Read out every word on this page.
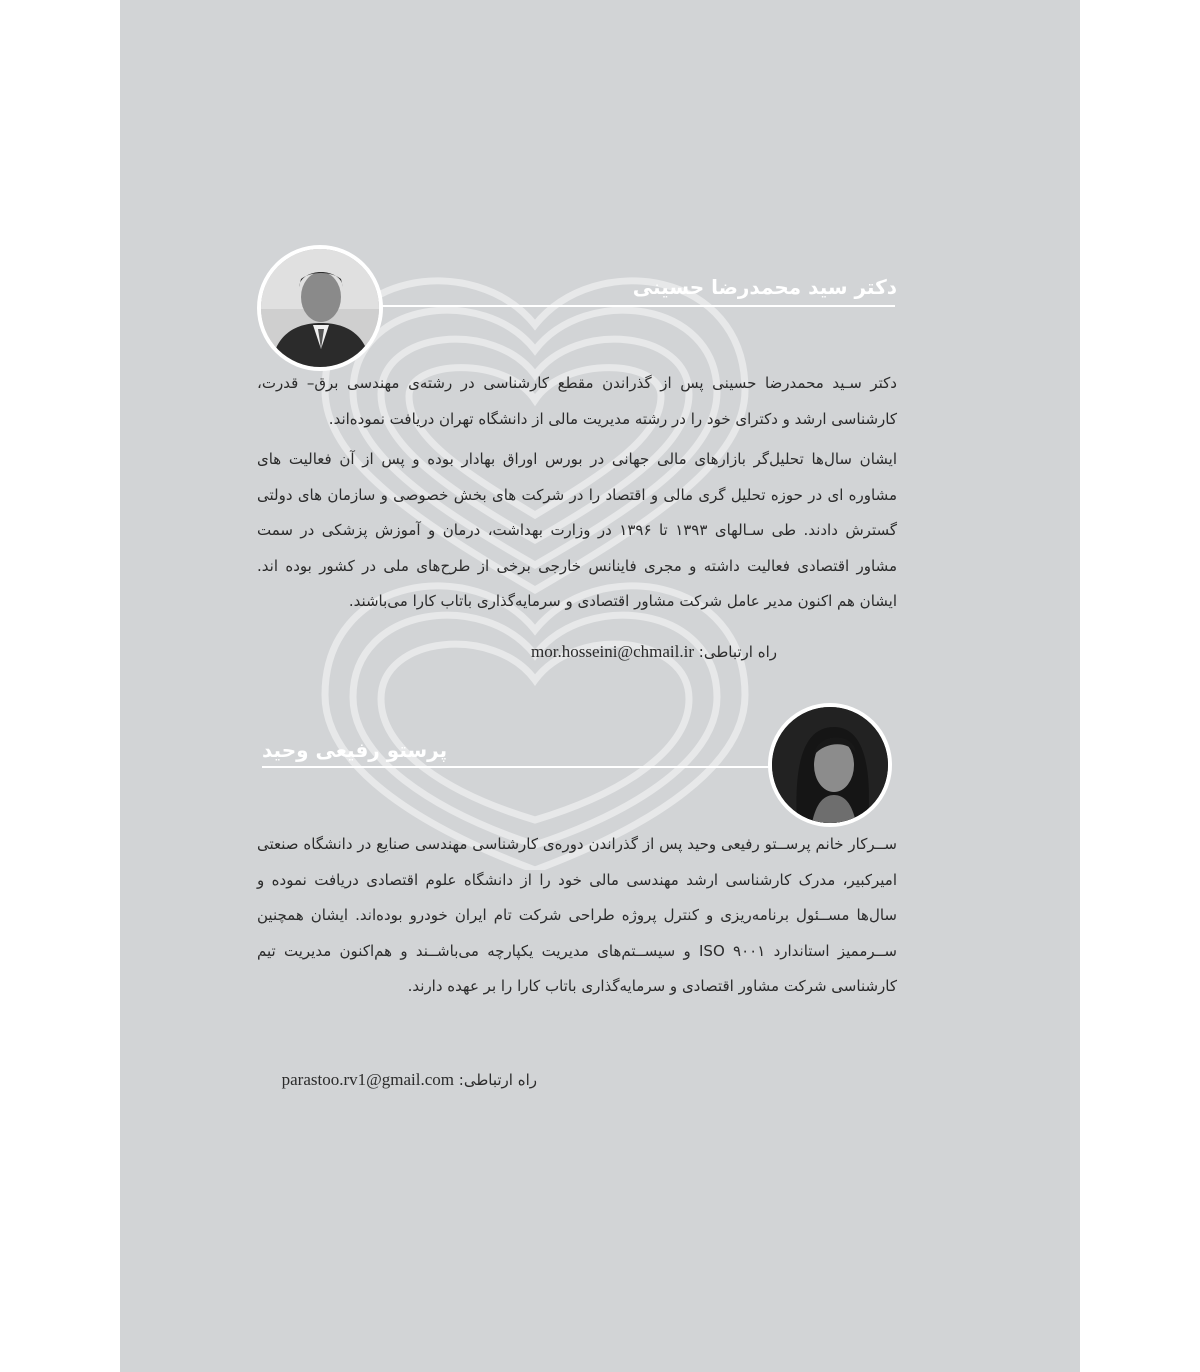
دکتر سید محمدرضا حسینی

دکتر سـید محمدرضا حسینی پس از گذراندن مقطع کارشناسی در رشته‌ی مهندسی برق– قدرت، کارشناسی ارشد و دکترای خود را در رشته مدیریت مالی از دانشگاه تهران دریافت نموده‌اند.

ایشان سال‌ها تحلیل‌گر بازارهای مالی جهانی در بورس اوراق بهادار بوده و پس از آن فعالیت های مشاوره ای در حوزه تحلیل گری مالی و اقتصاد را در شرکت های بخش خصوصی و سازمان های دولتی گسترش دادند. طی سـالهای ۱۳۹۳ تا ۱۳۹۶ در وزارت بهداشت، درمان و آموزش پزشکی در سمت مشاور اقتصادی فعالیت داشته و مجری فاینانس خارجی برخی از طرح‌های ملی در کشور بوده اند. ایشان هم اکنون مدیر عامل شرکت مشاور اقتصادی و سرمایه‌گذاری باتاب کارا می‌باشند.

راه ارتباطی: mor.hosseini@chmail.ir
پرستو رفیعی وحید

ســرکار خانم پرســتو رفیعی وحید پس از گذراندن دوره‌ی کارشناسی مهندسی صنایع در دانشگاه صنعتی امیرکبیر، مدرک کارشناسی ارشد مهندسی مالی خود را از دانشگاه علوم اقتصادی دریافت نموده و سال‌ها مســئول برنامه‌ریزی و کنترل پروژه طراحی شرکت تام ایران خودرو بوده‌اند. ایشان همچنین ســرممیز استاندارد ISO ۹۰۰۱ و سیســتم‌های مدیریت یکپارچه می‌باشــند و هم‌اکنون مدیریت تیم کارشناسی شرکت مشاور اقتصادی و سرمایه‌گذاری باتاب کارا را بر عهده دارند.

راه ارتباطی: parastoo.rv1@gmail.com
